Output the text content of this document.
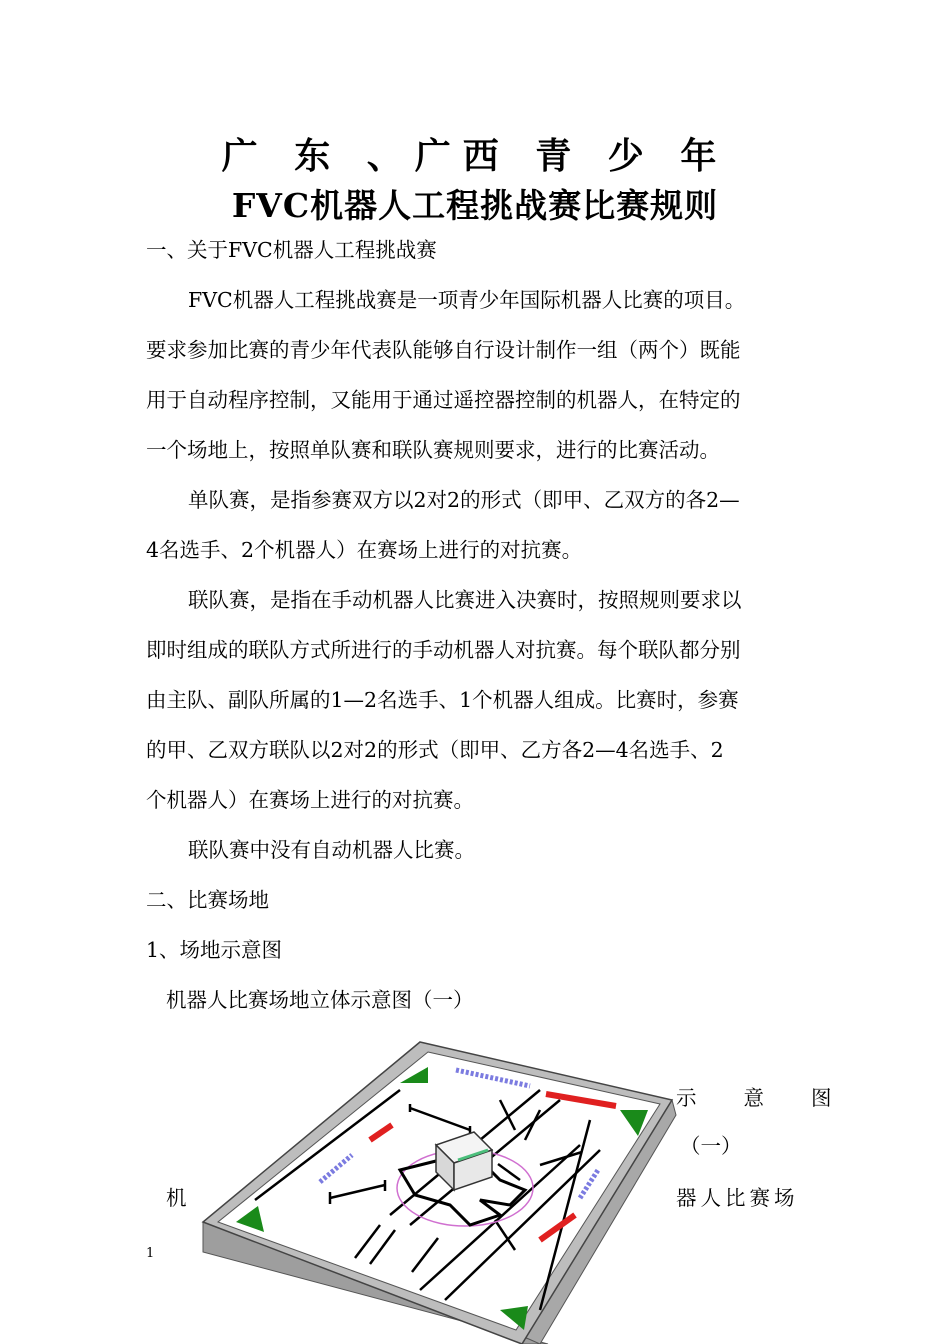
广 东 、广西 青 少 年
FVC机器人工程挑战赛比赛规则
一、关于FVC机器人工程挑战赛
FVC机器人工程挑战赛是一项青少年国际机器人比赛的项目。
要求参加比赛的青少年代表队能够自行设计制作一组（两个）既能
用于自动程序控制，又能用于通过遥控器控制的机器人，在特定的
一个场地上，按照单队赛和联队赛规则要求，进行的比赛活动。
单队赛，是指参赛双方以2对2的形式（即甲、乙双方的各2—
4名选手、2个机器人）在赛场上进行的对抗赛。
联队赛，是指在手动机器人比赛进入决赛时，按照规则要求以
即时组成的联队方式所进行的手动机器人对抗赛。每个联队都分别
由主队、副队所属的1—2名选手、1个机器人组成。比赛时，参赛
的甲、乙双方联队以2对2的形式（即甲、乙方各2—4名选手、2
个机器人）在赛场上进行的对抗赛。
联队赛中没有自动机器人比赛。
二、比赛场地
1、场地示意图
机器人比赛场地立体示意图（一）
示　　意　　图
（一）
机	器人比赛场
1
